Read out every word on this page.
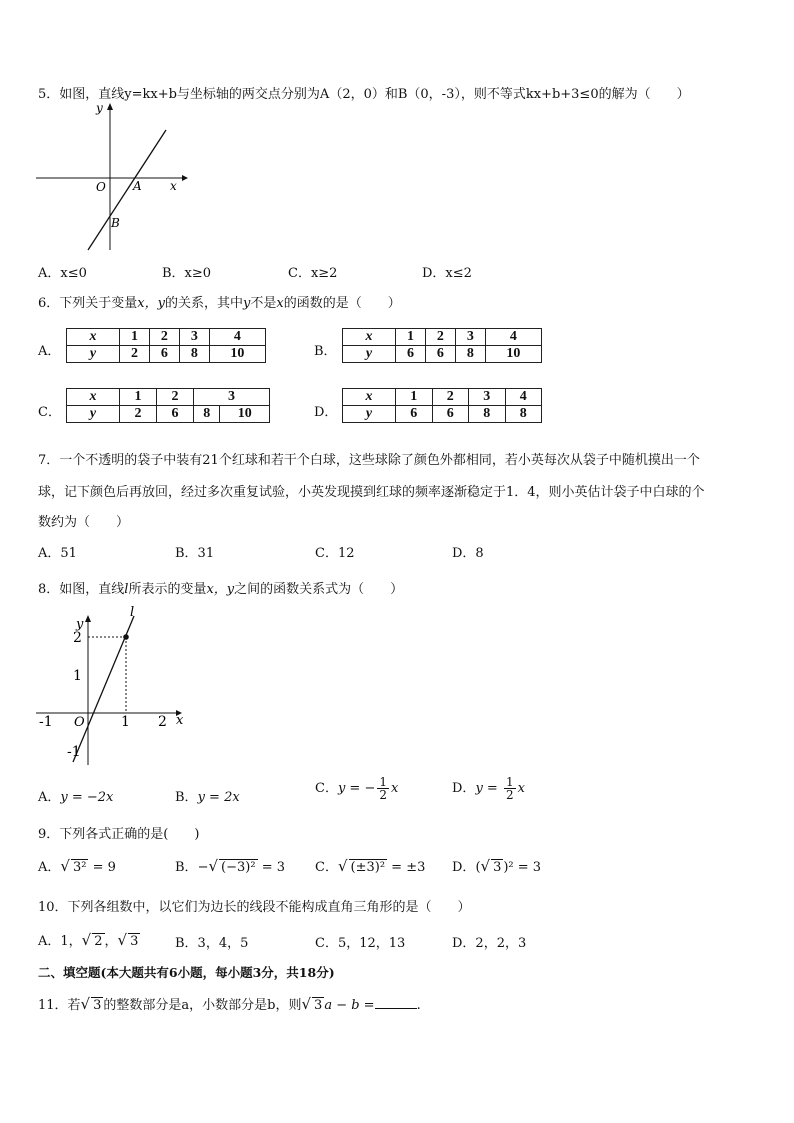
5．如图，直线y=kx+b与坐标轴的两交点分别为A（2，0）和B（0，-3），则不等式kx+b+3≤0的解为（　　）
y
x
O A
B
A．x≤0	B．x≥0	C．x≥2	D．x≤2
6．下列关于变量x，y的关系，其中y不是x的函数的是（　　）
A．
x	1	2	3	4
y	2	6	8	10	B．
x	1	2	3	4
y	6	6	8	10
C．
x	1	2	3	
y	2	6	8	10	D．
x	1	2	3	4
y	6	6	8	8
7．一个不透明的袋子中装有21个红球和若干个白球，这些球除了颜色外都相同，若小英每次从袋子中随机摸出一个
球，记下颜色后再放回，经过多次重复试验，小英发现摸到红球的频率逐渐稳定于1．4，则小英估计袋子中白球的个
数约为（　　）
A．51	B．31	C．12	D．8
8．如图，直线l所表示的变量x，y之间的函数关系式为（　　）
l
y
x
2
1
-1
-1 O	1 2
A．y = −2x	B．y = 2x
C．y = − $\frac{1}{2}$ x	D．$y = \frac{1}{2}$ x
9．下列各式正确的是(　　)
A．√ 3² = 9	B．−√ (−3)² = 3 C．√ (±3)² = ±3 D．(√ 3 )² = 3
10．下列各组数中，以它们为边长的线段不能构成直角三角形的是（　　）
A．1，√ 2 ，√ 3	B．3，4，5	C．5，12，13	D．2，2，3
二、填空题(本大题共有6小题，每小题3分，共18分)
11．若√ 3 的整数部分是a，小数部分是b，则√ 3 a − b =	.
